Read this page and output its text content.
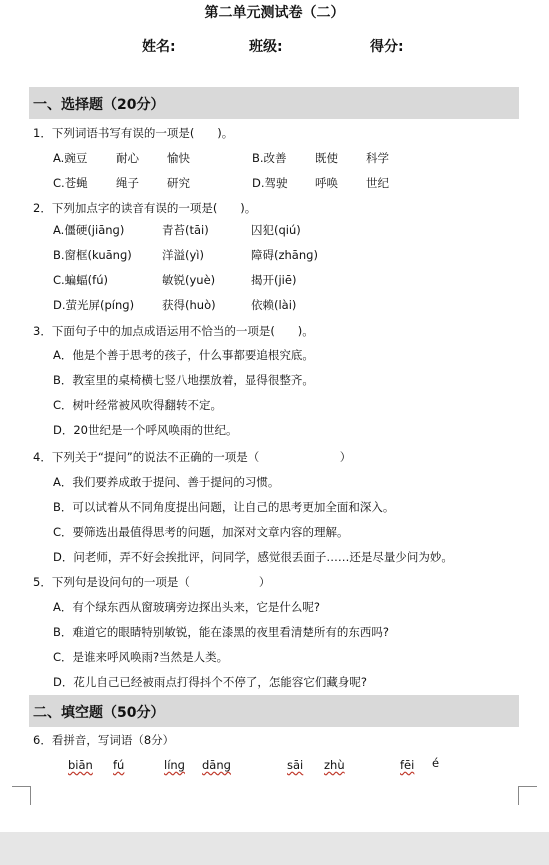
第二单元测试卷（二）
姓名:	班级:	得分:
一、选择题（20分）
1．下列词语书写有误的一项是(　　)。
A.豌豆 耐心 愉快	B.改善 既使 科学
C.苍蝇 绳子 研究	D.驾驶 呼唤 世纪
2．下列加点字的读音有误的一项是(　　)。
A.僵硬(jiānɡ)	青苔(tāi)	囚犯(qiú)
B.窗框(kuānɡ)	洋溢(yì)	障碍(zhānɡ)
C.蝙蝠(fú)	敏锐(yuè)	揭开(jiē)
D.萤光屏(pínɡ) 获得(huò)	依赖(lài)
3．下面句子中的加点成语运用不恰当的一项是(　　)。
A．他是个善于思考的孩子，什么事都要追根究底。
B．教室里的桌椅横七竖八地摆放着，显得很整齐。
C．树叶经常被风吹得翻转不定。
D．20世纪是一个呼风唤雨的世纪。
4．下列关于“提问”的说法不正确的一项是（　　　　　　　）
A．我们要养成敢于提问、善于提问的习惯。
B．可以试着从不同角度提出问题，让自己的思考更加全面和深入。
C．要筛选出最值得思考的问题，加深对文章内容的理解。
D．问老师，弄不好会挨批评，问同学，感觉很丢面子……还是尽量少问为妙。
5．下列句是设问句的一项是（　　　　　　）
A．有个绿东西从窗玻璃旁边探出头来，它是什么呢?
B．难道它的眼睛特别敏锐，能在漆黑的夜里看清楚所有的东西吗?
C．是谁来呼风唤雨?当然是人类。
D．花儿自己已经被雨点打得抖个不停了，怎能容它们藏身呢?
二、填空题（50分）
6．看拼音，写词语（8分）
biān fú	línɡ dānɡ	sāi zhù	fēi é
